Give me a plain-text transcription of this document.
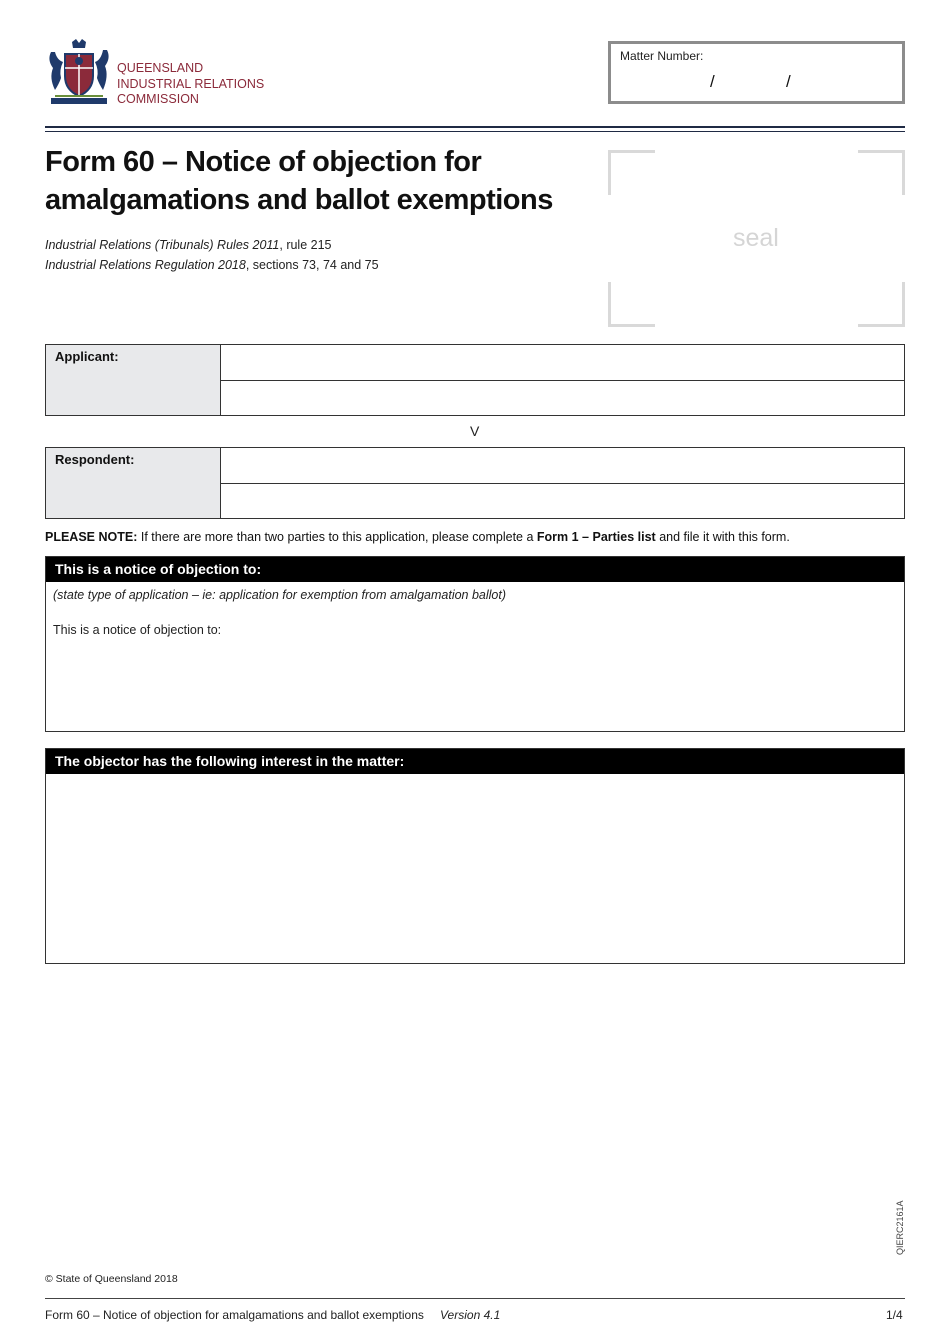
QUEENSLAND
INDUSTRIAL RELATIONS
COMMISSION
Matter Number:
/	/
Form 60 – Notice of objection for
amalgamations and ballot exemptions
Industrial Relations (Tribunals) Rules 2011, rule 215
Industrial Relations Regulation 2018, sections 73, 74 and 75
seal
Applicant:
V
Respondent:
PLEASE NOTE: If there are more than two parties to this application, please complete a Form 1 – Parties list and file it with this form.
This is a notice of objection to:
(state type of application – ie: application for exemption from amalgamation ballot)
This is a notice of objection to:
The objector has the following interest in the matter:
© State of Queensland 2018
QIERC2161A
Form 60 – Notice of objection for amalgamations and ballot exemptions Version 4.1	1/4
